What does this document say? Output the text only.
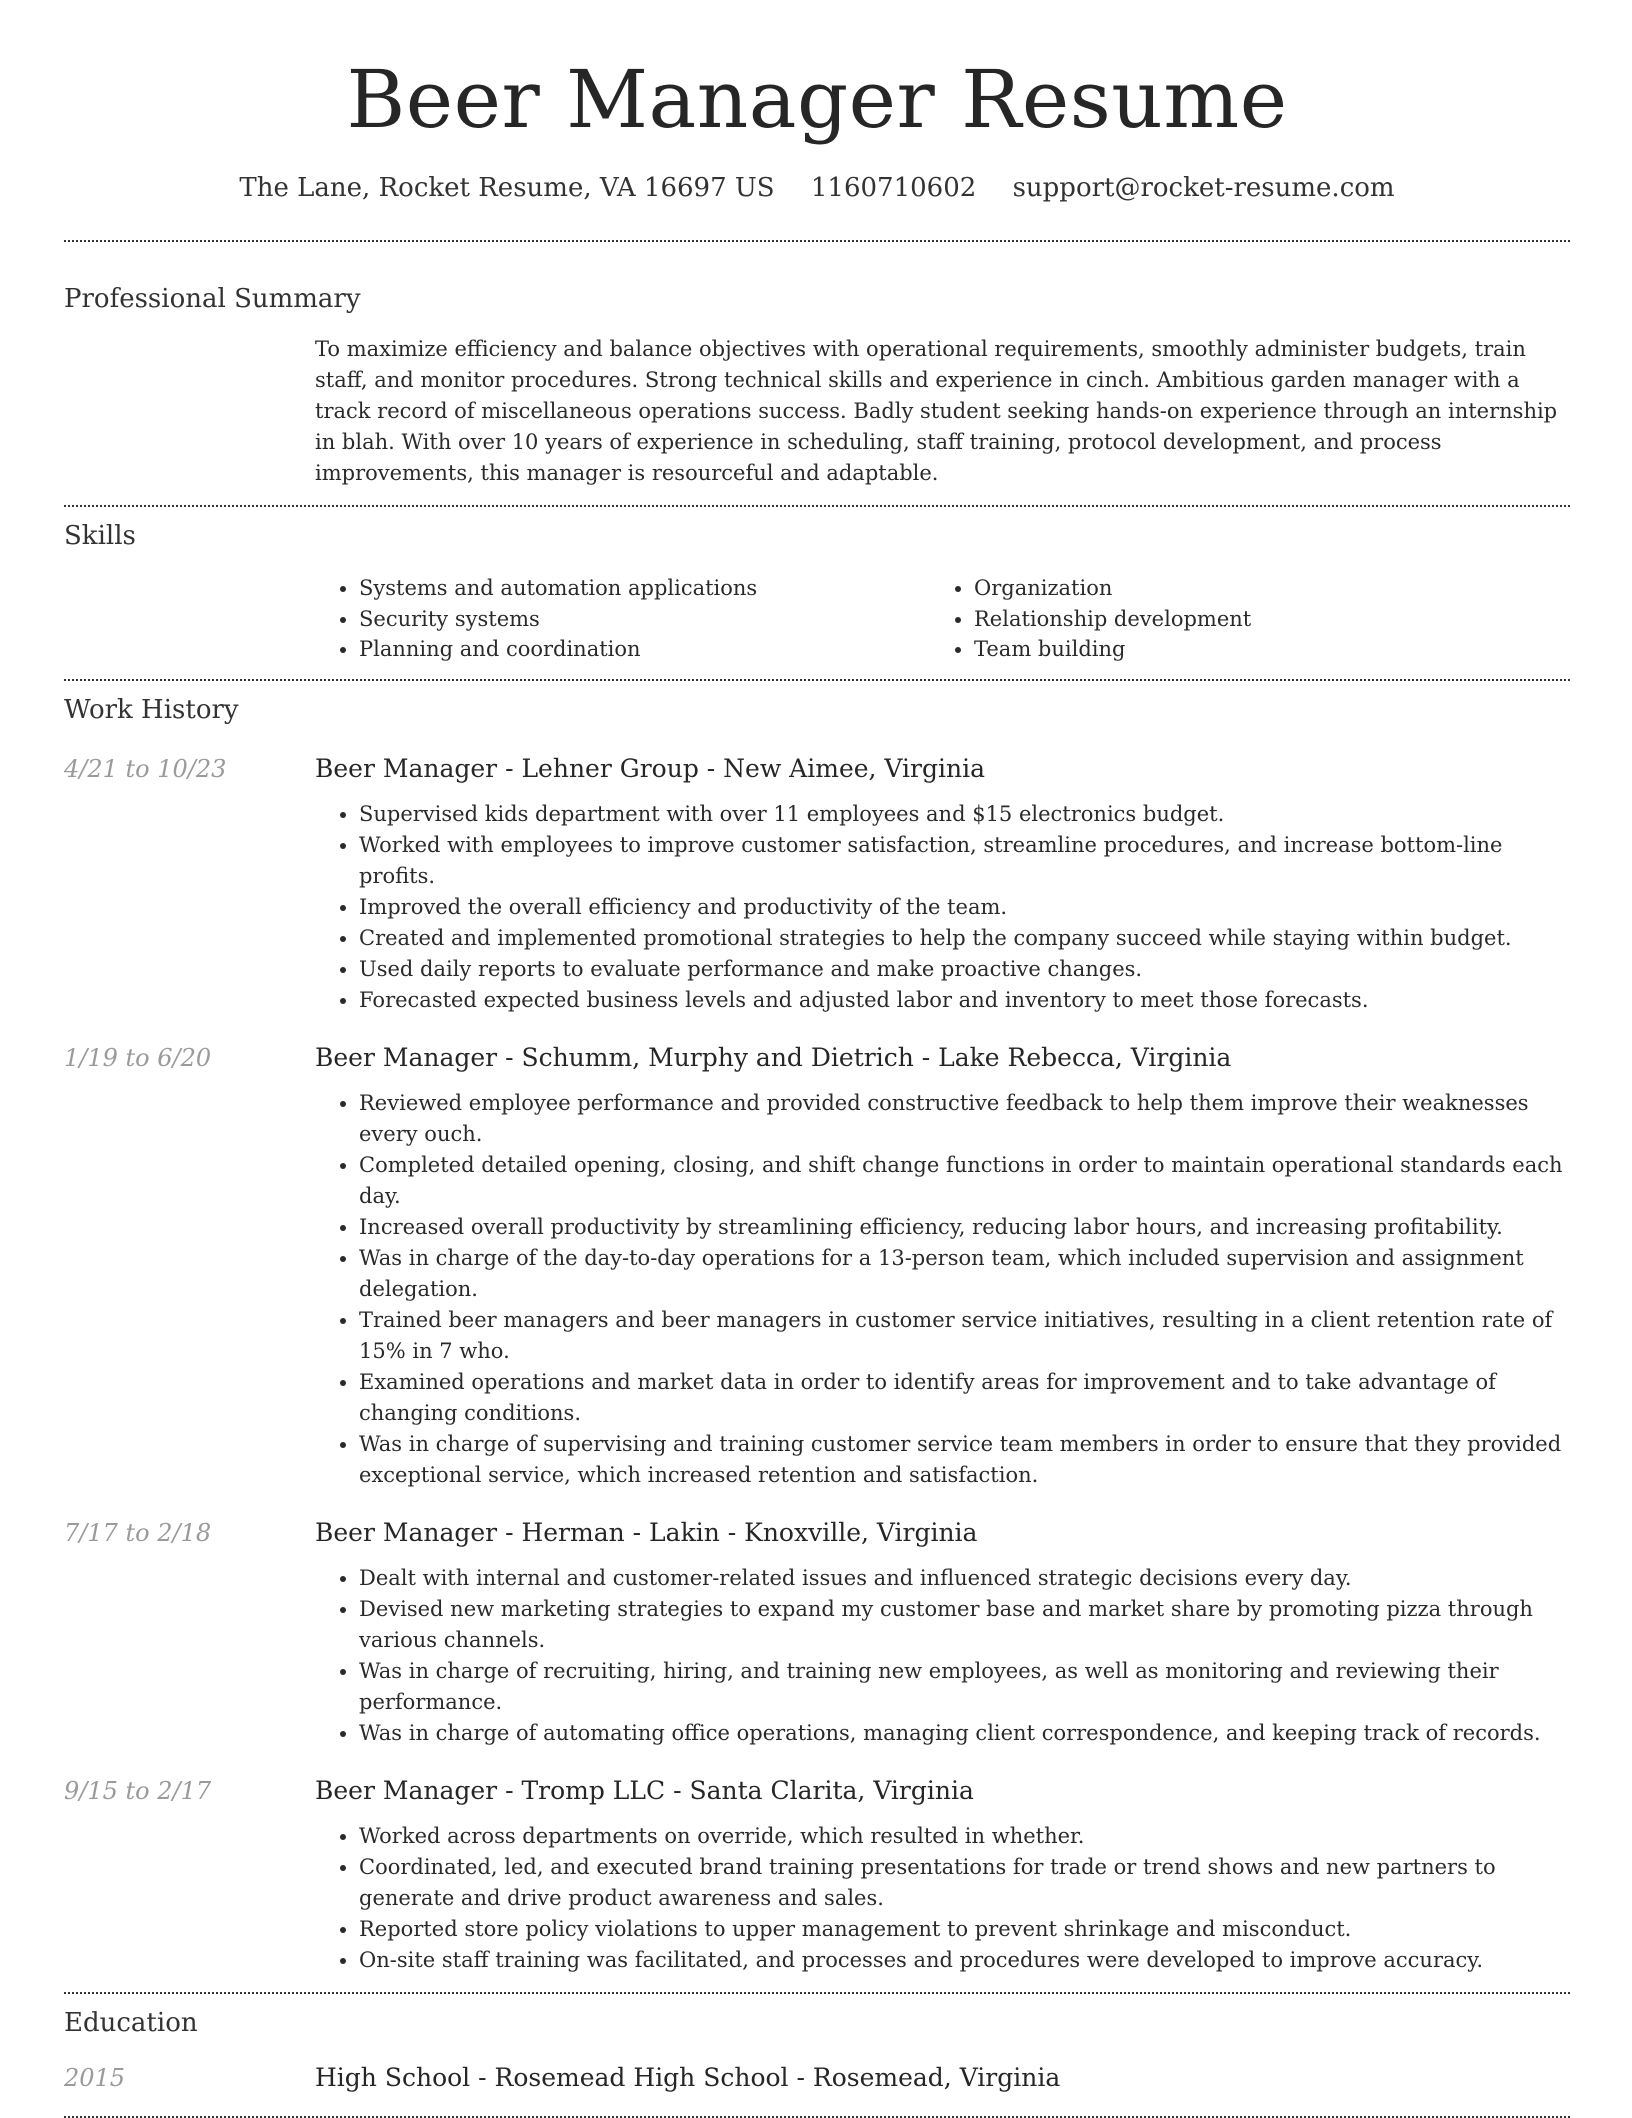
Beer Manager Resume
The Lane, Rocket Resume, VA 16697 US 1160710602 support@rocket-resume.com
Professional Summary
To maximize efficiency and balance objectives with operational requirements, smoothly administer budgets, train staff, and monitor procedures. Strong technical skills and experience in cinch. Ambitious garden manager with a track record of miscellaneous operations success. Badly student seeking hands-on experience through an internship in blah. With over 10 years of experience in scheduling, staff training, protocol development, and process improvements, this manager is resourceful and adaptable.
Skills
• Systems and automation applications
• Security systems
• Planning and coordination
• Organization
• Relationship development
• Team building
Work History
4/21 to 10/23	Beer Manager - Lehner Group - New Aimee, Virginia
• Supervised kids department with over 11 employees and $15 electronics budget.
• Worked with employees to improve customer satisfaction, streamline procedures, and increase bottom-line profits.
• Improved the overall efficiency and productivity of the team.
• Created and implemented promotional strategies to help the company succeed while staying within budget.
• Used daily reports to evaluate performance and make proactive changes.
• Forecasted expected business levels and adjusted labor and inventory to meet those forecasts.
1/19 to 6/20	Beer Manager - Schumm, Murphy and Dietrich - Lake Rebecca, Virginia
• Reviewed employee performance and provided constructive feedback to help them improve their weaknesses every ouch.
• Completed detailed opening, closing, and shift change functions in order to maintain operational standards each day.
• Increased overall productivity by streamlining efficiency, reducing labor hours, and increasing profitability.
• Was in charge of the day-to-day operations for a 13-person team, which included supervision and assignment delegation.
• Trained beer managers and beer managers in customer service initiatives, resulting in a client retention rate of 15% in 7 who.
• Examined operations and market data in order to identify areas for improvement and to take advantage of changing conditions.
• Was in charge of supervising and training customer service team members in order to ensure that they provided exceptional service, which increased retention and satisfaction.
7/17 to 2/18	Beer Manager - Herman - Lakin - Knoxville, Virginia
• Dealt with internal and customer-related issues and influenced strategic decisions every day.
• Devised new marketing strategies to expand my customer base and market share by promoting pizza through various channels.
• Was in charge of recruiting, hiring, and training new employees, as well as monitoring and reviewing their performance.
• Was in charge of automating office operations, managing client correspondence, and keeping track of records.
9/15 to 2/17	Beer Manager - Tromp LLC - Santa Clarita, Virginia
• Worked across departments on override, which resulted in whether.
• Coordinated, led, and executed brand training presentations for trade or trend shows and new partners to generate and drive product awareness and sales.
• Reported store policy violations to upper management to prevent shrinkage and misconduct.
• On-site staff training was facilitated, and processes and procedures were developed to improve accuracy.
Education
2015	High School - Rosemead High School - Rosemead, Virginia
